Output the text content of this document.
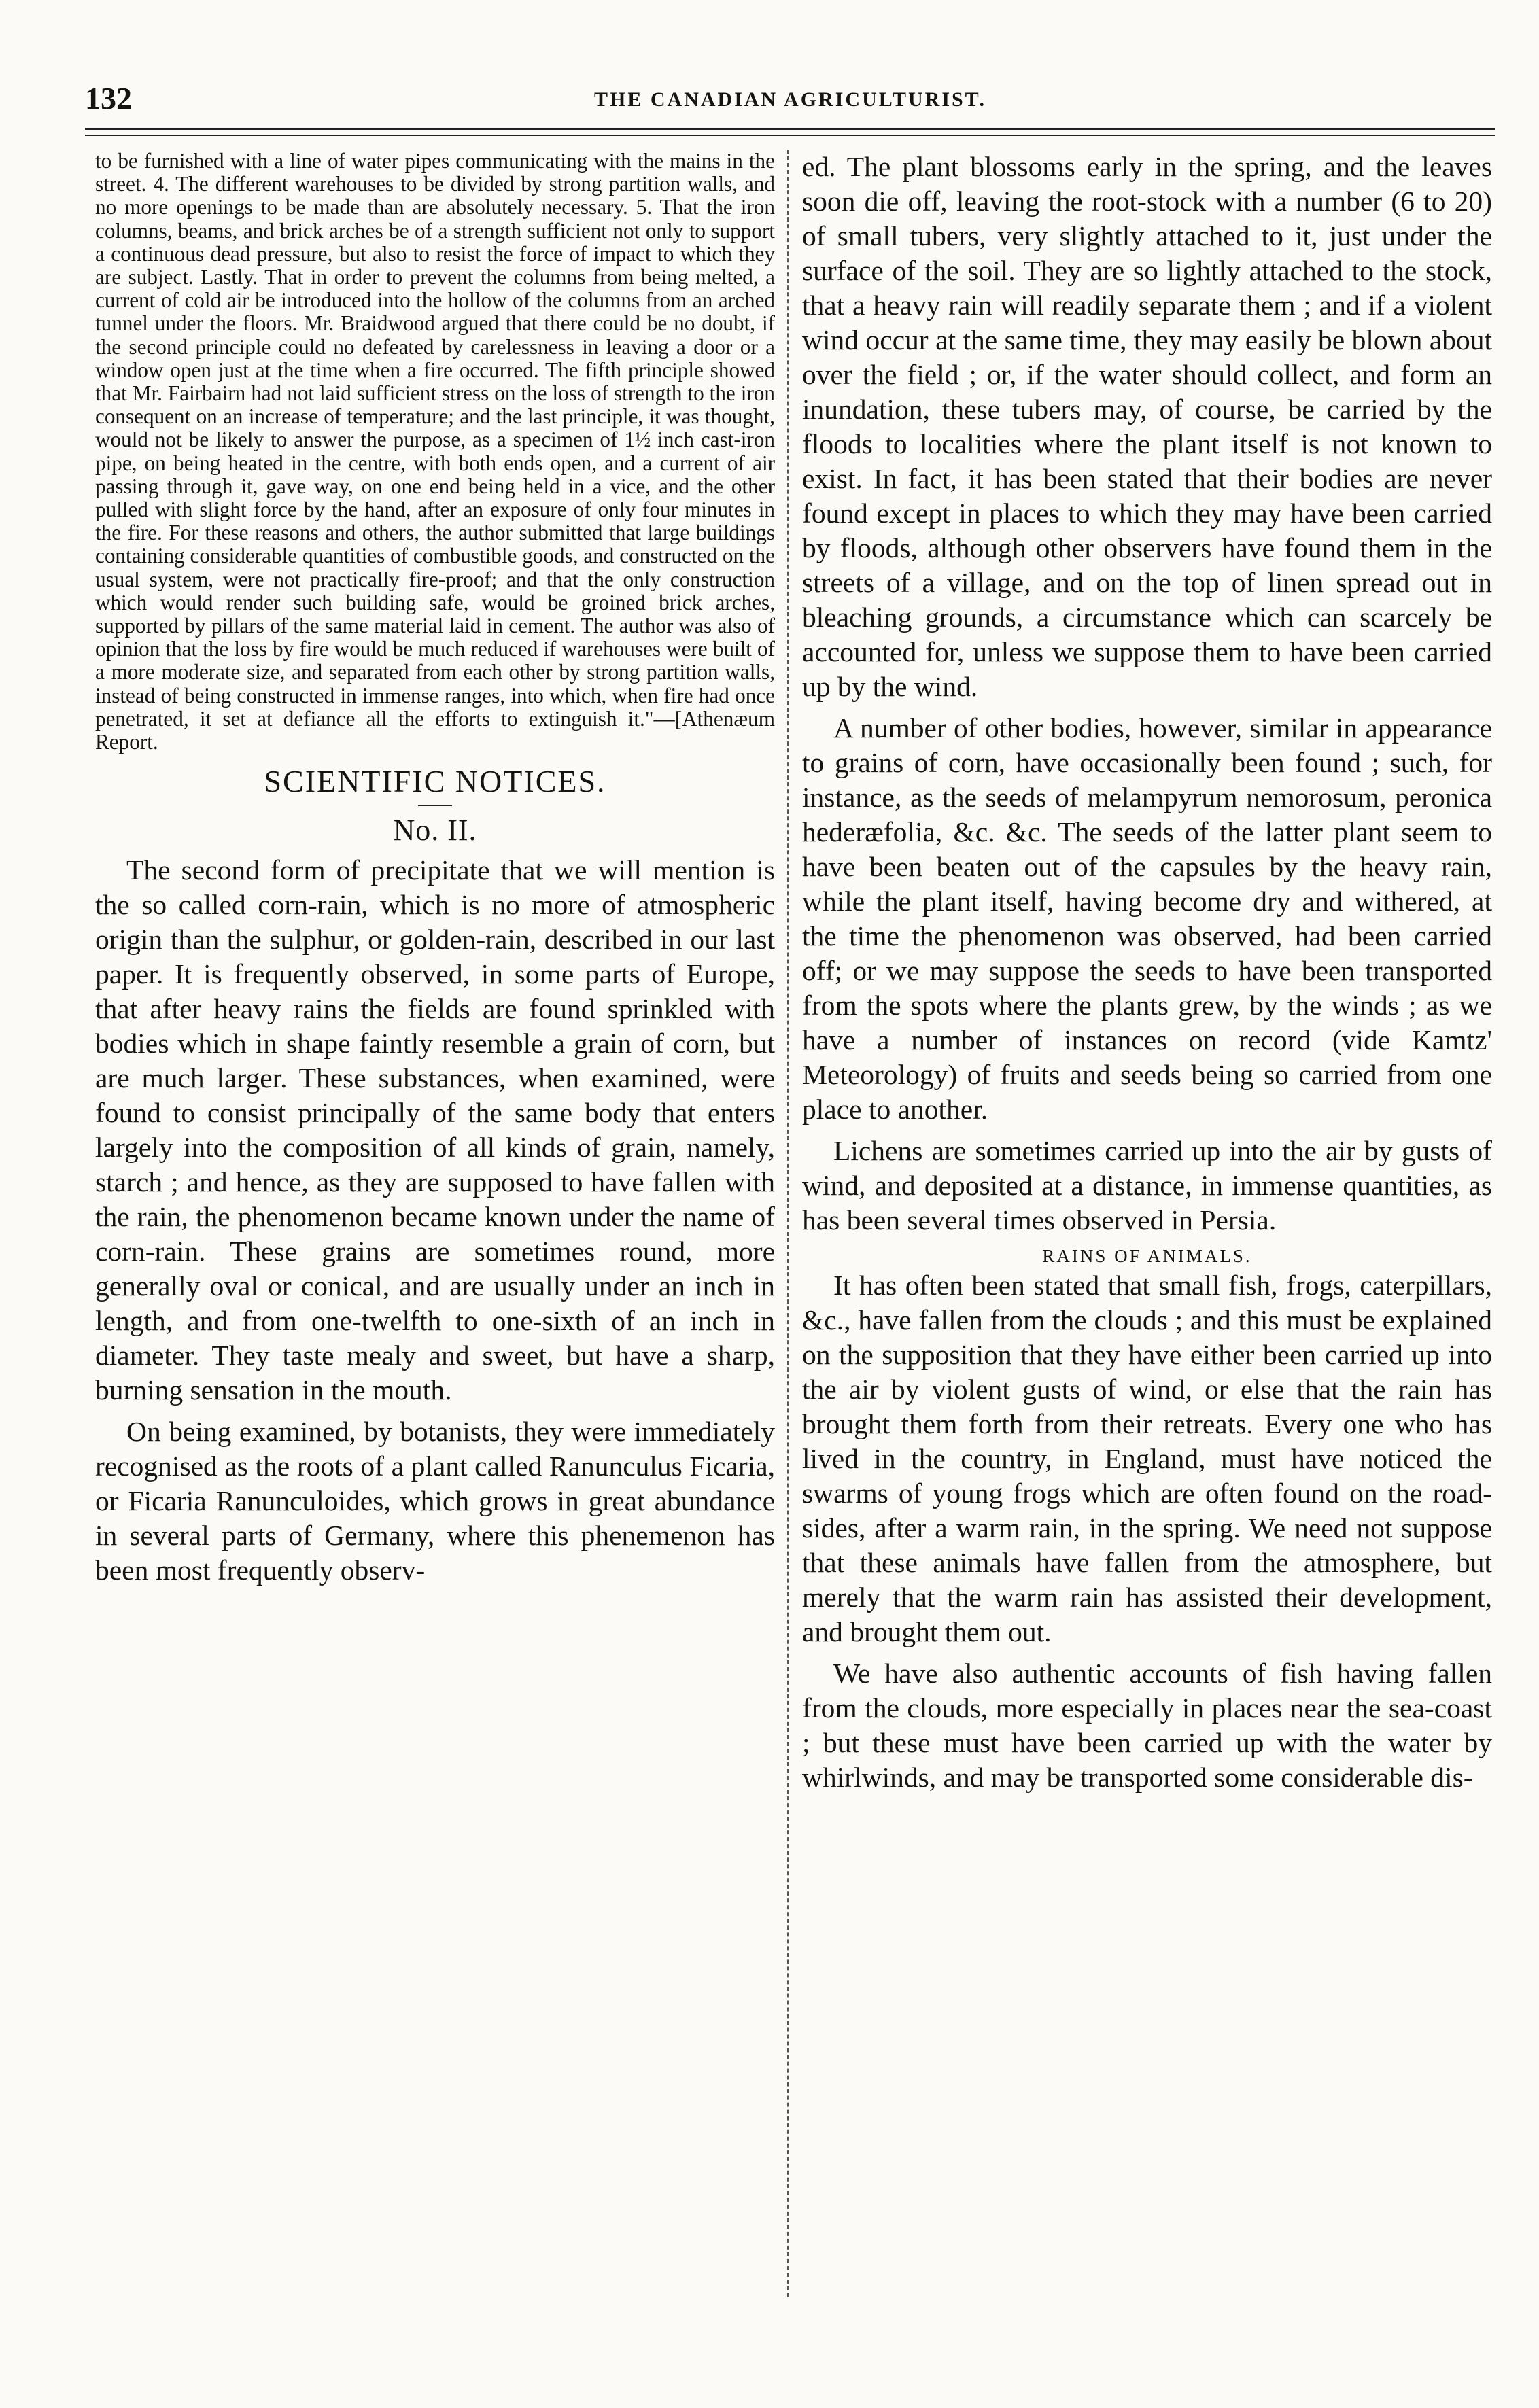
132	THE CANADIAN AGRICULTURIST.

to be furnished with a line of water pipes communicating with the mains in the street. 4. The different warehouses to be divided by strong partition walls, and no more openings to be made than are absolutely necessary. 5. That the iron columns, beams, and brick arches be of a strength sufficient not only to support a continuous dead pressure, but also to resist the force of impact to which they are subject. Lastly. That in order to prevent the columns from being melted, a current of cold air be introduced into the hollow of the columns from an arched tunnel under the floors. Mr. Braidwood argued that there could be no doubt, if the second principle could no defeated by carelessness in leaving a door or a window open just at the time when a fire occurred. The fifth principle showed that Mr. Fairbairn had not laid sufficient stress on the loss of strength to the iron consequent on an increase of temperature; and the last principle, it was thought, would not be likely to answer the purpose, as a specimen of 1½ inch cast-iron pipe, on being heated in the centre, with both ends open, and a current of air passing through it, gave way, on one end being held in a vice, and the other pulled with slight force by the hand, after an exposure of only four minutes in the fire. For these reasons and others, the author submitted that large buildings containing considerable quantities of combustible goods, and constructed on the usual system, were not practically fire-proof; and that the only construction which would render such building safe, would be groined brick arches, supported by pillars of the same material laid in cement. The author was also of opinion that the loss by fire would be much reduced if warehouses were built of a more moderate size, and separated from each other by strong partition walls, instead of being constructed in immense ranges, into which, when fire had once penetrated, it set at defiance all the efforts to extinguish it."—[Athenæum Report.

SCIENTIFIC NOTICES.
No. II.

The second form of precipitate that we will mention is the so called corn-rain, which is no more of atmospheric origin than the sulphur, or golden-rain, described in our last paper. It is frequently observed, in some parts of Europe, that after heavy rains the fields are found sprinkled with bodies which in shape faintly resemble a grain of corn, but are much larger. These substances, when examined, were found to consist principally of the same body that enters largely into the composition of all kinds of grain, namely, starch ; and hence, as they are supposed to have fallen with the rain, the phenomenon became known under the name of corn-rain. These grains are sometimes round, more generally oval or conical, and are usually under an inch in length, and from one-twelfth to one-sixth of an inch in diameter. They taste mealy and sweet, but have a sharp, burning sensation in the mouth.

On being examined, by botanists, they were immediately recognised as the roots of a plant called Ranunculus Ficaria, or Ficaria Ranunculoides, which grows in great abundance in several parts of Germany, where this phenemenon has been most frequently observ-

ed. The plant blossoms early in the spring, and the leaves soon die off, leaving the root-stock with a number (6 to 20) of small tubers, very slightly attached to it, just under the surface of the soil. They are so lightly attached to the stock, that a heavy rain will readily separate them ; and if a violent wind occur at the same time, they may easily be blown about over the field ; or, if the water should collect, and form an inundation, these tubers may, of course, be carried by the floods to localities where the plant itself is not known to exist. In fact, it has been stated that their bodies are never found except in places to which they may have been carried by floods, although other observers have found them in the streets of a village, and on the top of linen spread out in bleaching grounds, a circumstance which can scarcely be accounted for, unless we suppose them to have been carried up by the wind.

A number of other bodies, however, similar in appearance to grains of corn, have occasionally been found ; such, for instance, as the seeds of melampyrum nemorosum, peronica hederæfolia, &c. &c. The seeds of the latter plant seem to have been beaten out of the capsules by the heavy rain, while the plant itself, having become dry and withered, at the time the phenomenon was observed, had been carried off; or we may suppose the seeds to have been transported from the spots where the plants grew, by the winds ; as we have a number of instances on record (vide Kamtz' Meteorology) of fruits and seeds being so carried from one place to another.

Lichens are sometimes carried up into the air by gusts of wind, and deposited at a distance, in immense quantities, as has been several times observed in Persia.

RAINS OF ANIMALS.

It has often been stated that small fish, frogs, caterpillars, &c., have fallen from the clouds ; and this must be explained on the supposition that they have either been carried up into the air by violent gusts of wind, or else that the rain has brought them forth from their retreats. Every one who has lived in the country, in England, must have noticed the swarms of young frogs which are often found on the road-sides, after a warm rain, in the spring. We need not suppose that these animals have fallen from the atmosphere, but merely that the warm rain has assisted their development, and brought them out.

We have also authentic accounts of fish having fallen from the clouds, more especially in places near the sea-coast ; but these must have been carried up with the water by whirlwinds, and may be transported some considerable dis-
